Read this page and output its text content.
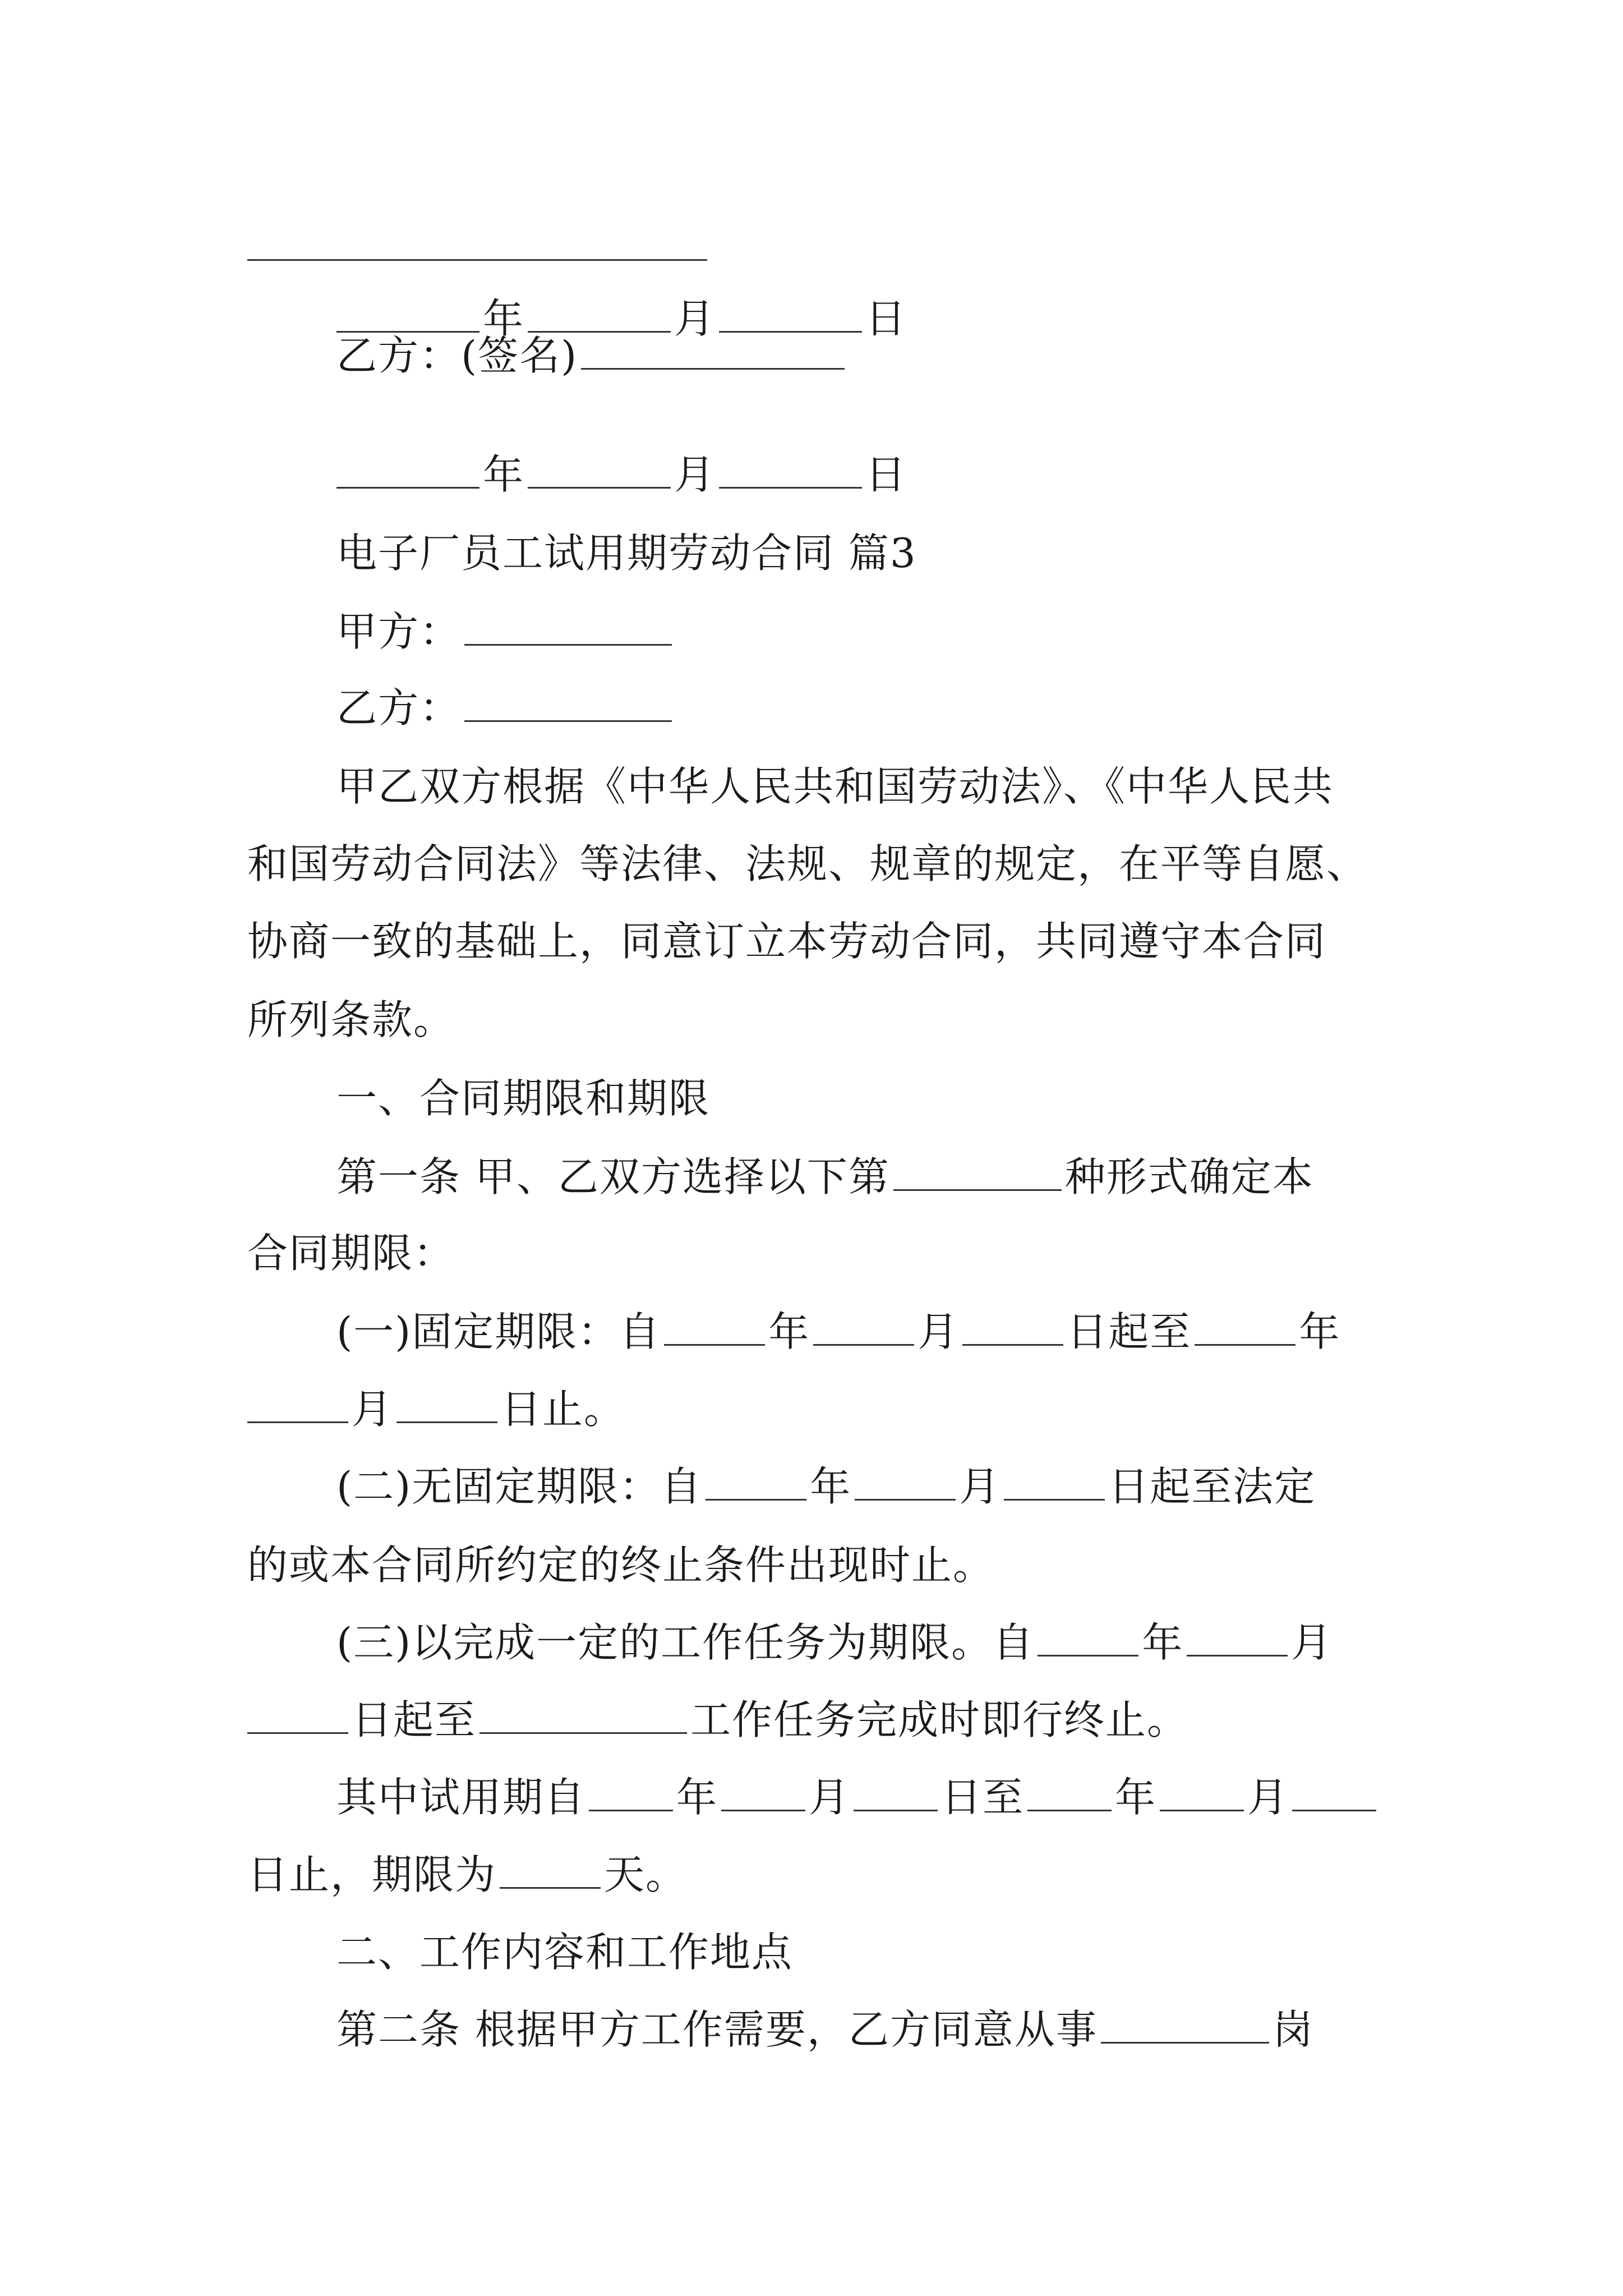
年	月	日
乙方：(签名)
年	月	日
电子厂员工试用期劳动合同 篇3
甲方：
乙方：
甲乙双方根据《中华人民共和国劳动法》、《中华人民共
和国劳动合同法》等法律、法规、规章的规定，在平等自愿、
协商一致的基础上，同意订立本劳动合同，共同遵守本合同
所列条款。
一、合同期限和期限
第一条 甲、乙双方选择以下第	种形式确定本
合同期限：
(一)固定期限：自	年	月	日起至	年
月	日止。
(二)无固定期限：自	年	月	日起至法定
的或本合同所约定的终止条件出现时止。
(三)以完成一定的工作任务为期限。自	年	月
日起至	工作任务完成时即行终止。
其中试用期自 年 月 日至 年 月
日止，期限为	天。
二、工作内容和工作地点
第二条 根据甲方工作需要，乙方同意从事	岗
